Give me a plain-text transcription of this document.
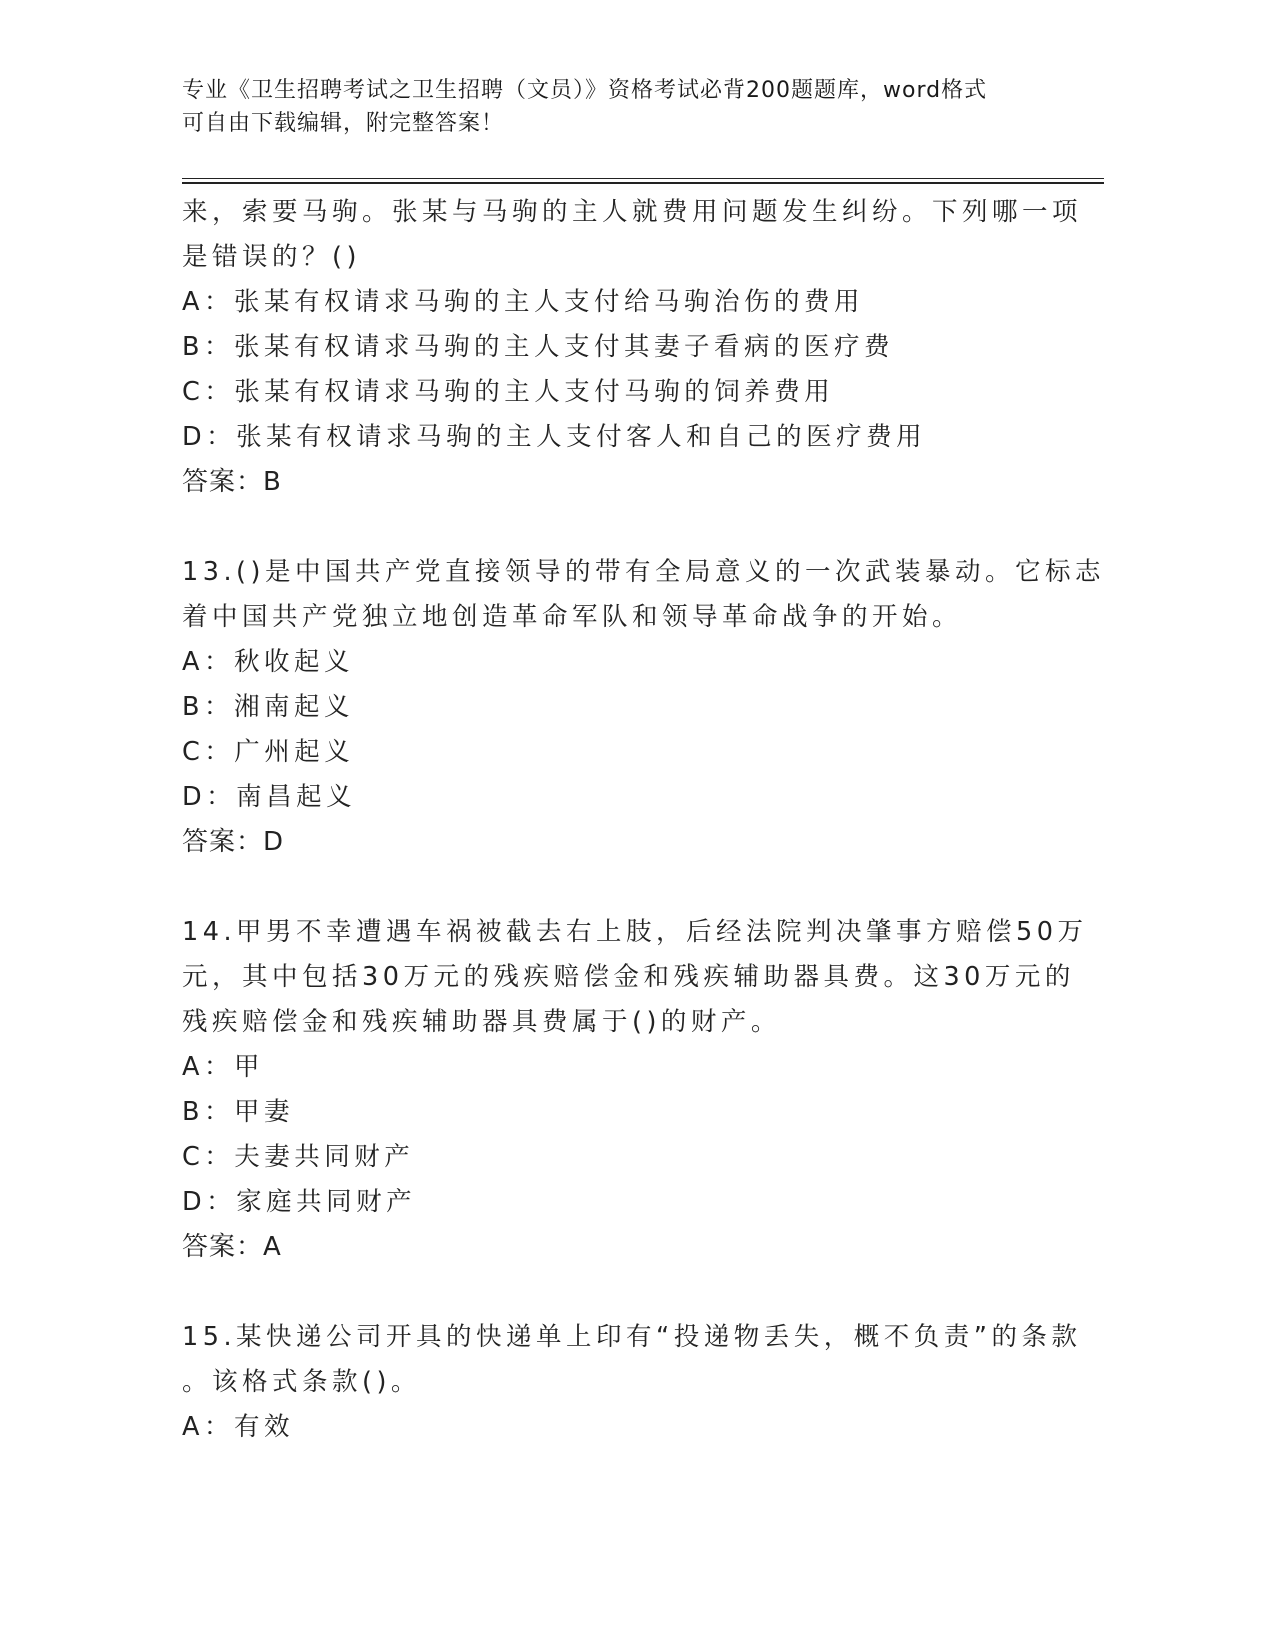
专业《卫生招聘考试之卫生招聘（文员）》资格考试必背200题题库，word格式
可自由下载编辑，附完整答案！
来，索要马驹。张某与马驹的主人就费用问题发生纠纷。下列哪一项
是错误的？()
A：张某有权请求马驹的主人支付给马驹治伤的费用
B：张某有权请求马驹的主人支付其妻子看病的医疗费
C：张某有权请求马驹的主人支付马驹的饲养费用
D：张某有权请求马驹的主人支付客人和自己的医疗费用
答案：B
13.()是中国共产党直接领导的带有全局意义的一次武装暴动。它标志
着中国共产党独立地创造革命军队和领导革命战争的开始。
A：秋收起义
B：湘南起义
C：广州起义
D：南昌起义
答案：D
14.甲男不幸遭遇车祸被截去右上肢，后经法院判决肇事方赔偿50万
元，其中包括30万元的残疾赔偿金和残疾辅助器具费。这30万元的
残疾赔偿金和残疾辅助器具费属于()的财产。
A：甲
B：甲妻
C：夫妻共同财产
D：家庭共同财产
答案：A
15.某快递公司开具的快递单上印有“投递物丢失，概不负责”的条款
。该格式条款()。
A：有效
